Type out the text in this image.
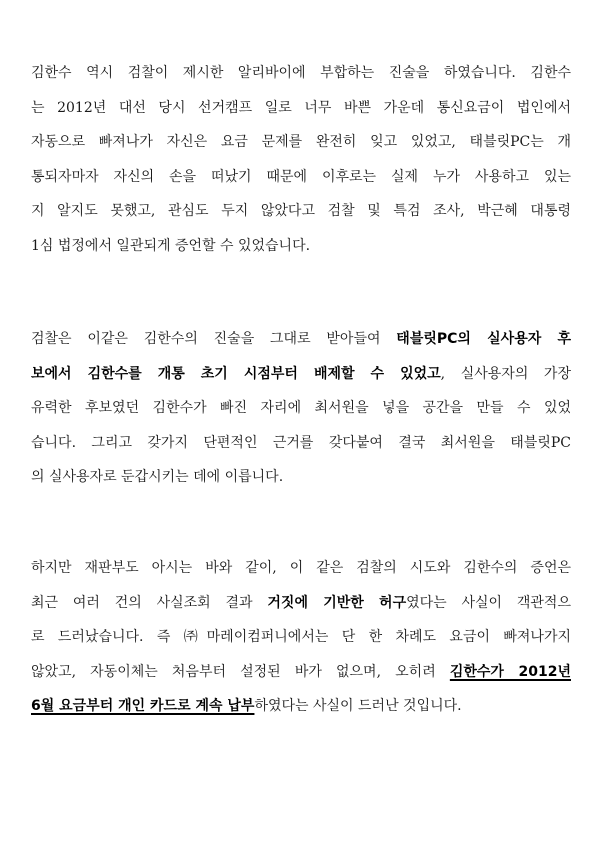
김한수 역시 검찰이 제시한 알리바이에 부합하는 진술을 하였습니다. 김한수
는 2012년 대선 당시 선거캠프 일로 너무 바쁜 가운데 통신요금이 법인에서
자동으로 빠져나가 자신은 요금 문제를 완전히 잊고 있었고, 태블릿PC는 개
통되자마자 자신의 손을 떠났기 때문에 이후로는 실제 누가 사용하고 있는
지 알지도 못했고, 관심도 두지 않았다고 검찰 및 특검 조사, 박근혜 대통령
1심 법정에서 일관되게 증언할 수 있었습니다.

검찰은 이같은 김한수의 진술을 그대로 받아들여 태블릿PC의 실사용자 후
보에서 김한수를 개통 초기 시점부터 배제할 수 있었고, 실사용자의 가장
유력한 후보였던 김한수가 빠진 자리에 최서원을 넣을 공간을 만들 수 있었
습니다. 그리고 갖가지 단편적인 근거를 갖다붙여 결국 최서원을 태블릿PC
의 실사용자로 둔갑시키는 데에 이릅니다.

하지만 재판부도 아시는 바와 같이, 이 같은 검찰의 시도와 김한수의 증언은
최근 여러 건의 사실조회 결과 거짓에 기반한 허구였다는 사실이 객관적으
로 드러났습니다. 즉 ㈜마레이컴퍼니에서는 단 한 차례도 요금이 빠져나가지
않았고, 자동이체는 처음부터 설정된 바가 없으며, 오히려 김한수가 2012년
6월 요금부터 개인 카드로 계속 납부하였다는 사실이 드러난 것입니다.
